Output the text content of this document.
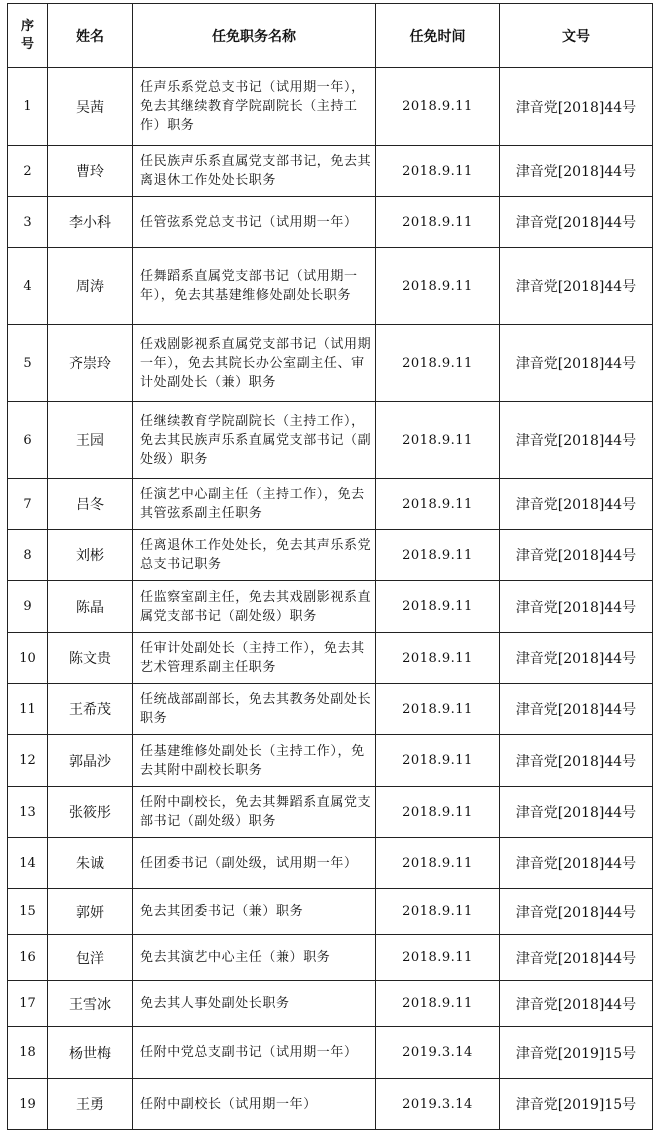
序
号	姓名	任免职务名称	任免时间	文号
1	吴茜	任声乐系党总支书记（试用期一年），免去其继续教育学院副院长（主持工作）职务	2018.9.11	津音党[2018]44号
2	曹玲	任民族声乐系直属党支部书记，免去其离退休工作处处长职务	2018.9.11	津音党[2018]44号
3	李小科	任管弦系党总支书记（试用期一年）	2018.9.11	津音党[2018]44号
4	周涛	任舞蹈系直属党支部书记（试用期一年），免去其基建维修处副处长职务	2018.9.11	津音党[2018]44号
5	齐崇玲	任戏剧影视系直属党支部书记（试用期一年），免去其院长办公室副主任、审计处副处长（兼）职务	2018.9.11	津音党[2018]44号
6	王园	任继续教育学院副院长（主持工作），免去其民族声乐系直属党支部书记（副处级）职务	2018.9.11	津音党[2018]44号
7	吕冬	任演艺中心副主任（主持工作），免去其管弦系副主任职务	2018.9.11	津音党[2018]44号
8	刘彬	任离退休工作处处长，免去其声乐系党总支书记职务	2018.9.11	津音党[2018]44号
9	陈晶	任监察室副主任，免去其戏剧影视系直属党支部书记（副处级）职务	2018.9.11	津音党[2018]44号
10	陈文贵	任审计处副处长（主持工作），免去其艺术管理系副主任职务	2018.9.11	津音党[2018]44号
11	王希茂	任统战部副部长，免去其教务处副处长职务	2018.9.11	津音党[2018]44号
12	郭晶沙	任基建维修处副处长（主持工作），免去其附中副校长职务	2018.9.11	津音党[2018]44号
13	张筱彤	任附中副校长，免去其舞蹈系直属党支部书记（副处级）职务	2018.9.11	津音党[2018]44号
14	朱诚	任团委书记（副处级，试用期一年）	2018.9.11	津音党[2018]44号
15	郭妍	免去其团委书记（兼）职务	2018.9.11	津音党[2018]44号
16	包洋	免去其演艺中心主任（兼）职务	2018.9.11	津音党[2018]44号
17	王雪冰	免去其人事处副处长职务	2018.9.11	津音党[2018]44号
18	杨世梅	任附中党总支副书记（试用期一年）	2019.3.14	津音党[2019]15号
19	王勇	任附中副校长（试用期一年）	2019.3.14	津音党[2019]15号
